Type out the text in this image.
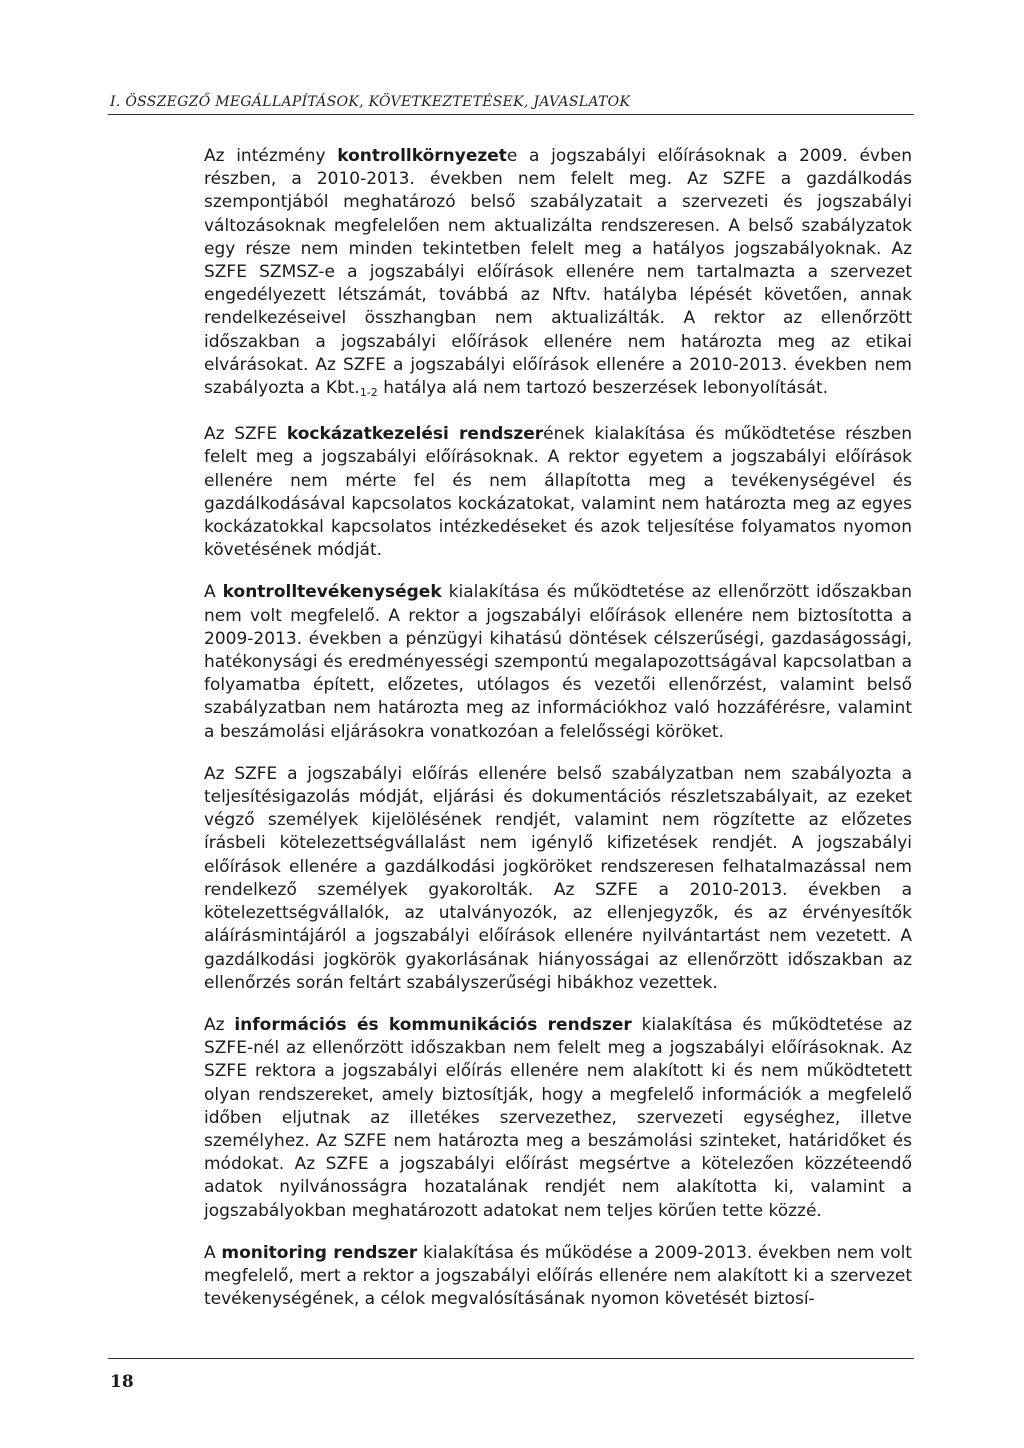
I. ÖSSZEGZŐ MEGÁLLAPÍTÁSOK, KÖVETKEZTETÉSEK, JAVASLATOK

Az intézmény kontrollkörnyezete a jogszabályi előírásoknak a 2009. évben részben, a 2010-2013. években nem felelt meg. Az SZFE a gazdálkodás szempontjából meghatározó belső szabályzatait a szervezeti és jogszabályi változásoknak megfelelően nem aktualizálta rendszeresen. A belső szabályzatok egy része nem minden tekintetben felelt meg a hatályos jogszabályoknak. Az SZFE SZMSZ-e a jogszabályi előírások ellenére nem tartalmazta a szervezet engedélyezett létszámát, továbbá az Nftv. hatályba lépését követően, annak rendelkezéseivel összhangban nem aktualizálták. A rektor az ellenőrzött időszakban a jogszabályi előírások ellenére nem határozta meg az etikai elvárásokat. Az SZFE a jogszabályi előírások ellenére a 2010-2013. években nem szabályozta a $Kbt._{1-2}$ hatálya alá nem tartozó beszerzések lebonyolítását.

Az SZFE kockázatkezelési rendszerének kialakítása és működtetése részben felelt meg a jogszabályi előírásoknak. A rektor egyetem a jogszabályi előírások ellenére nem mérte fel és nem állapította meg a tevékenységével és gazdálkodásával kapcsolatos kockázatokat, valamint nem határozta meg az egyes kockázatokkal kapcsolatos intézkedéseket és azok teljesítése folyamatos nyomon követésének módját.

A kontrolltevékenységek kialakítása és működtetése az ellenőrzött időszakban nem volt megfelelő. A rektor a jogszabályi előírások ellenére nem biztosította a 2009-2013. években a pénzügyi kihatású döntések célszerűségi, gazdaságossági, hatékonysági és eredményességi szempontú megalapozottságával kapcsolatban a folyamatba épített, előzetes, utólagos és vezetői ellenőrzést, valamint belső szabályzatban nem határozta meg az információkhoz való hozzáférésre, valamint a beszámolási eljárásokra vonatkozóan a felelősségi köröket.

Az SZFE a jogszabályi előírás ellenére belső szabályzatban nem szabályozta a teljesítésigazolás módját, eljárási és dokumentációs részletszabályait, az ezeket végző személyek kijelölésének rendjét, valamint nem rögzítette az előzetes írásbeli kötelezettségvállalást nem igénylő kifizetések rendjét. A jogszabályi előírások ellenére a gazdálkodási jogköröket rendszeresen felhatalmazással nem rendelkező személyek gyakorolták. Az SZFE a 2010-2013. években a kötelezettségvállalók, az utalványozók, az ellenjegyzők, és az érvényesítők aláírásmintájáról a jogszabályi előírások ellenére nyilvántartást nem vezetett. A gazdálkodási jogkörök gyakorlásának hiányosságai az ellenőrzött időszakban az ellenőrzés során feltárt szabályszerűségi hibákhoz vezettek.

Az információs és kommunikációs rendszer kialakítása és működtetése az SZFE-nél az ellenőrzött időszakban nem felelt meg a jogszabályi előírásoknak. Az SZFE rektora a jogszabályi előírás ellenére nem alakított ki és nem működtetett olyan rendszereket, amely biztosítják, hogy a megfelelő információk a megfelelő időben eljutnak az illetékes szervezethez, szervezeti egységhez, illetve személyhez. Az SZFE nem határozta meg a beszámolási szinteket, határidőket és módokat. Az SZFE a jogszabályi előírást megsértve a kötelezően közzéteendő adatok nyilvánosságra hozatalának rendjét nem alakította ki, valamint a jogszabályokban meghatározott adatokat nem teljes körűen tette közzé.

A monitoring rendszer kialakítása és működése a 2009-2013. években nem volt megfelelő, mert a rektor a jogszabályi előírás ellenére nem alakított ki a szervezet tevékenységének, a célok megvalósításának nyomon követését biztosí-

18
